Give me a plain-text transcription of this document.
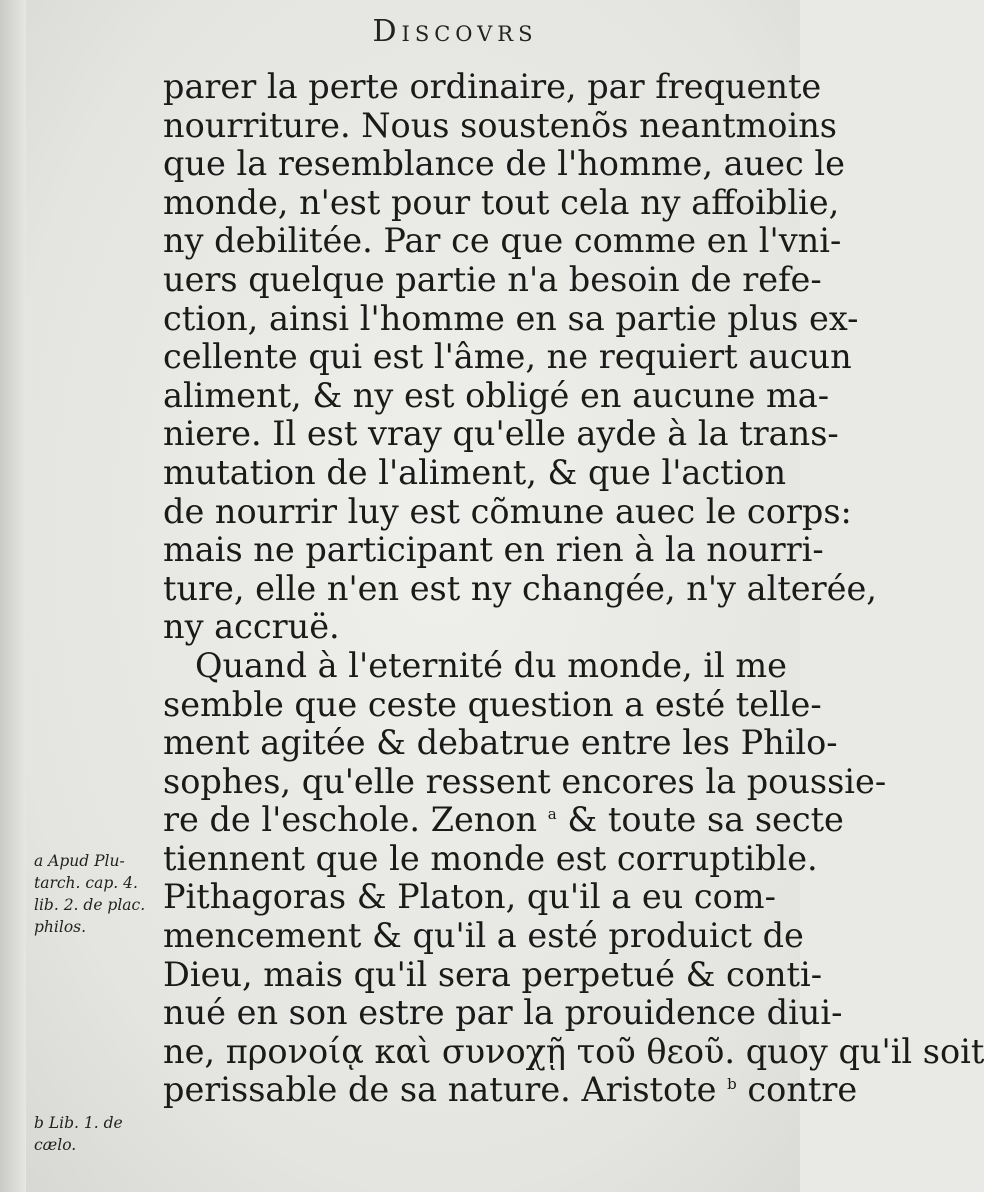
Discovrs
parer la perte ordinaire, par frequente
nourriture. Nous soustenõs neantmoins
que la resemblance de l'homme, auec le
monde, n'est pour tout cela ny affoiblie,
ny debilitée. Par ce que comme en l'vni-
uers quelque partie n'a besoin de refe-
ction, ainsi l'homme en sa partie plus ex-
cellente qui est l'âme, ne requiert aucun
aliment, & ny est obligé en aucune ma-
niere. Il est vray qu'elle ayde à la trans-
mutation de l'aliment, & que l'action
de nourrir luy est cõmune auec le corps:
mais ne participant en rien à la nourri-
ture, elle n'en est ny changée, n'y alterée,
ny accruë.
Quand à l'eternité du monde, il me
semble que ceste question a esté telle-
ment agitée & debatrue entre les Philo-
sophes, qu'elle ressent encores la poussie-
re de l'eschole. Zenon $^a$ & toute sa secte
tiennent que le monde est corruptible.
Pithagoras & Platon, qu'il a eu com-
mencement & qu'il a esté produict de
Dieu, mais qu'il sera perpetué & conti-
nué en son estre par la prouidence diui-
ne, προνοίᾳ καὶ συνοχῇ τοῦ θεοῦ. quoy qu'il soit
perissable de sa nature. Aristote $^b$ contre
a Apud Plu-
tarch. cap. 4.
lib. 2. de plac.
philos.
b Lib. 1. de
cælo.
